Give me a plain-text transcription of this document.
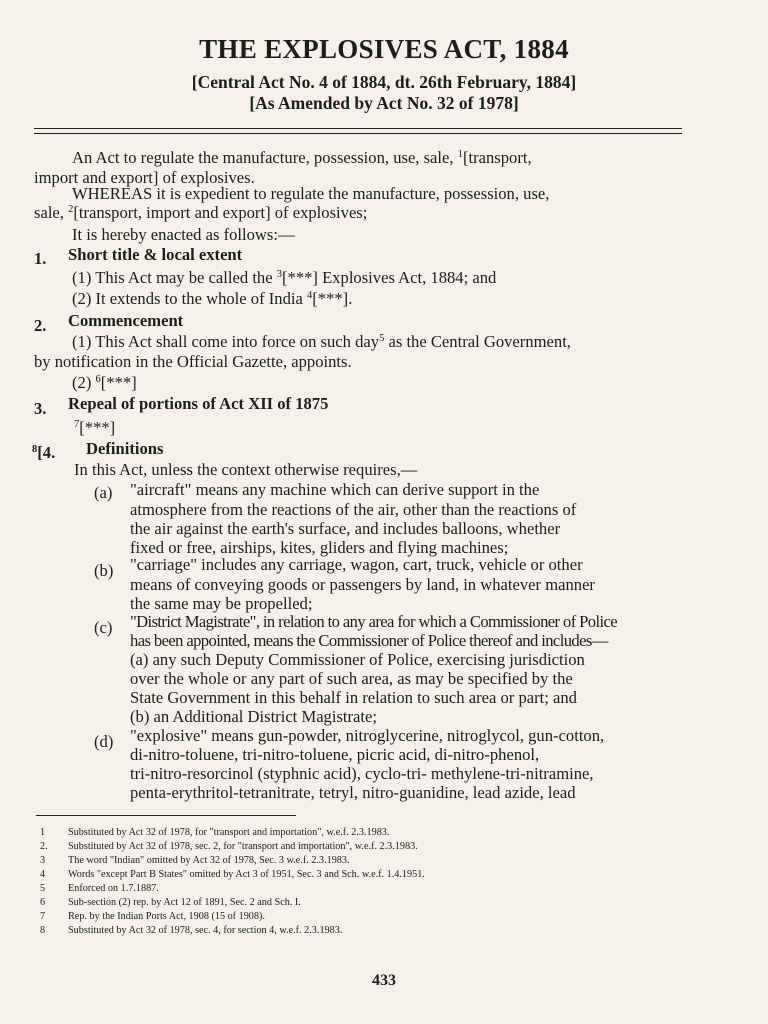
THE EXPLOSIVES ACT, 1884
[Central Act No. 4 of 1884, dt. 26th February, 1884]
[As Amended by Act No. 32 of 1978]
An Act to regulate the manufacture, possession, use, sale, $^1$[transport,
import and export] of explosives.
WHEREAS it is expedient to regulate the manufacture, possession, use,
sale, $^2$[transport, import and export] of explosives;
It is hereby enacted as follows:—
1. Short title & local extent
(1) This Act may be called the $^3$[***] Explosives Act, 1884; and
(2) It extends to the whole of India $^4$[***].
2. Commencement
(1) This Act shall come into force on such day$^5$ as the Central Government,
by notification in the Official Gazette, appoints.
(2) $^6$[***]
3. Repeal of portions of Act XII of 1875
$^7$[***]
$^8$[4. Definitions
In this Act, unless the context otherwise requires,—
(a) "aircraft" means any machine which can derive support in the
atmosphere from the reactions of the air, other than the reactions of
the air against the earth's surface, and includes balloons, whether
fixed or free, airships, kites, gliders and flying machines;
(b) "carriage" includes any carriage, wagon, cart, truck, vehicle or other
means of conveying goods or passengers by land, in whatever manner
the same may be propelled;
(c) "District Magistrate", in relation to any area for which a Commissioner of Police
has been appointed, means the Commissioner of Police thereof and includes—
(a) any such Deputy Commissioner of Police, exercising jurisdiction
over the whole or any part of such area, as may be specified by the
State Government in this behalf in relation to such area or part; and
(b) an Additional District Magistrate;
(d) "explosive" means gun-powder, nitroglycerine, nitroglycol, gun-cotton,
di-nitro-toluene, tri-nitro-toluene, picric acid, di-nitro-phenol,
tri-nitro-resorcinol (styphnic acid), cyclo-tri- methylene-tri-nitramine,
penta-erythritol-tetranitrate, tetryl, nitro-guanidine, lead azide, lead
1 Substituted by Act 32 of 1978, for "transport and importation", w.e.f. 2.3.1983.
2. Substituted by Act 32 of 1978, sec. 2, for "transport and importation", w.e.f. 2.3.1983.
3 The word "Indian" omitted by Act 32 of 1978, Sec. 3 w.e.f. 2.3.1983.
4 Words "except Part B States" omitted by Act 3 of 1951, Sec. 3 and Sch. w.e.f. 1.4.1951.
5 Enforced on 1.7.1887.
6 Sub-section (2) rep. by Act 12 of 1891, Sec. 2 and Sch. I.
7 Rep. by the Indian Ports Act, 1908 (15 of 1908).
8 Substituted by Act 32 of 1978, sec. 4, for section 4, w.e.f. 2.3.1983.
433
